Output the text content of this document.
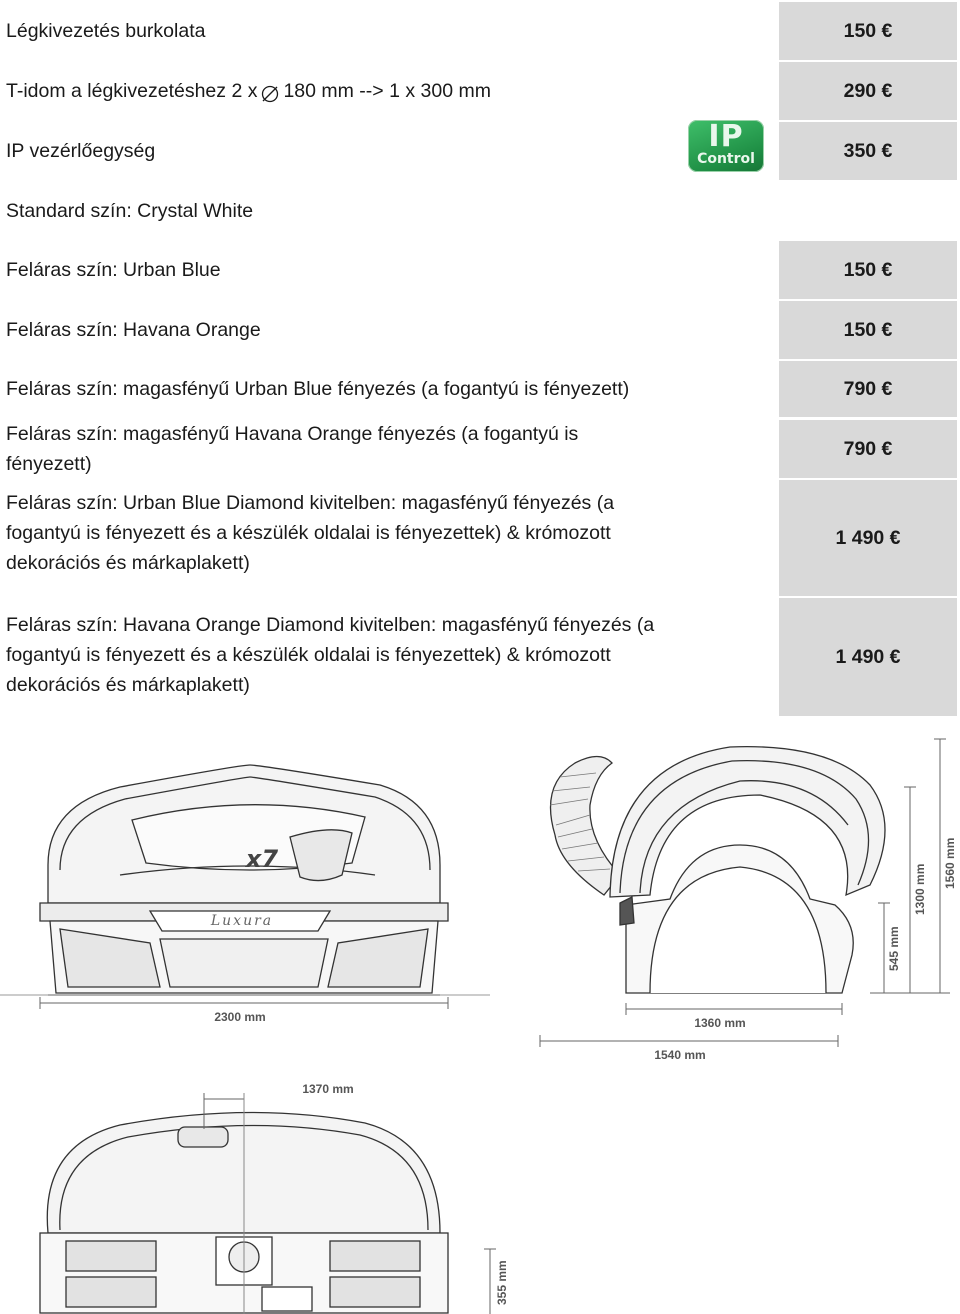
Légkivezetés burkolata	150 €
T-idom a légkivezetéshez 2 x 180 mm --> 1 x 300 mm	290 €
IP vezérlőegység	350 €
Standard szín: Crystal White
Feláras szín: Urban Blue	150 €
Feláras szín: Havana Orange	150 €
Feláras szín: magasfényű Urban Blue fényezés (a fogantyú is fényezett)	790 €
Feláras szín: magasfényű Havana Orange fényezés (a fogantyú is fényezett)
790 €
Feláras szín: Urban Blue Diamond kivitelben: magasfényű fényezés (a fogantyú is fényezett és a készülék oldalai is fényezettek) & krómozott dekorációs és márkaplakett)
1 490 €
Feláras szín: Havana Orange Diamond kivitelben: magasfényű fényezés (a fogantyú is fényezett és a készülék oldalai is fényezettek) & krómozott dekorációs és márkaplakett)
1 490 €
IP
Control
2300 mm	1360 mm
1540 mm
545 mm
1300 mm
1560 mm
1370 mm
355 mm
Luxura
x7
